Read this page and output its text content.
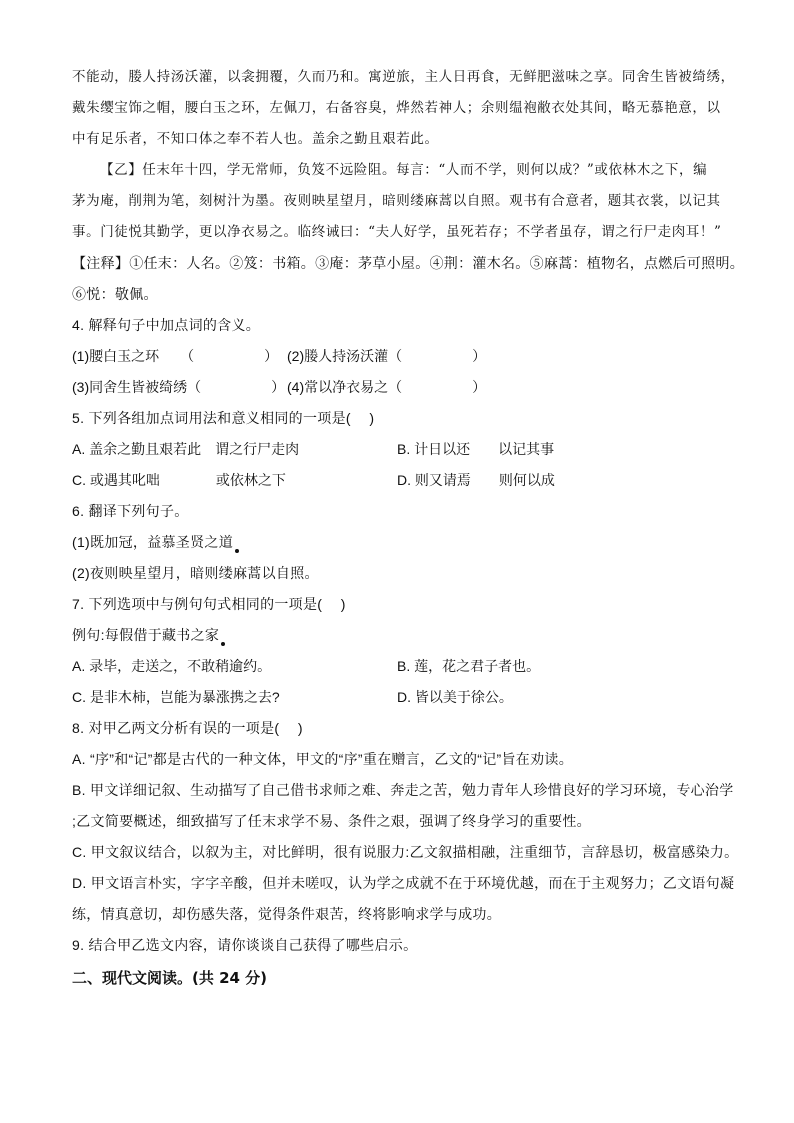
不能动，媵人持汤沃灌，以衾拥覆，久而乃和。寓逆旅，主人日再食，无鲜肥滋味之享。同舍生皆被绮绣，
戴朱缨宝饰之帽，腰白玉之环，左佩刀，右备容臭，烨然若神人；余则缊袍敝衣处其间，略无慕艳意，以
中有足乐者，不知口体之奉不若人也。盖余之勤且艰若此。
【乙】任末年十四，学无常师，负笈不远险阻。每言：“人而不学，则何以成？”或依林木之下，编
茅为庵，削荆为笔，刻树汁为墨。夜则映星望月，暗则缕麻蒿以自照。观书有合意者，题其衣裳，以记其
事。门徒悦其勤学，更以净衣易之。临终诫曰：“夫人好学，虽死若存；不学者虽存，谓之行尸走肉耳！”
【注释】①任末：人名。②笈：书箱。③庵：茅草小屋。④荆：灌木名。⑤麻蒿：植物名，点燃后可照明。
⑥悦：敬佩。
4. 解释句子中加点词的含义。
(1)腰白玉之环　　（　　　　　） (2)媵人持汤沃灌（　　　　　）
(3)同舍生皆被绮绣（　　　　　） (4)常以净衣易之（　　　　　）
5. 下列各组加点词用法和意义相同的一项是(　 )
A. 盖余之勤且艰若此　谓之行尸走肉	B. 计日以还　　以记其事
C. 或遇其叱咄　　　　或依林之下	D. 则又请焉　　则何以成
6. 翻译下列句子。
(1)既加冠，益慕圣贤之道
(2)夜则映星望月，暗则缕麻蒿以自照。
7. 下列选项中与例句句式相同的一项是(　 )
例句:每假借于藏书之家
A. 录毕，走送之，不敢稍逾约。	B. 莲，花之君子者也。
C. 是非木柿，岂能为暴涨携之去?	D. 皆以美于徐公。
8. 对甲乙两文分析有误的一项是(　 )
A. “序”和“记”都是古代的一种文体，甲文的“序”重在赠言，乙文的“记”旨在劝读。
B. 甲文详细记叙、生动描写了自己借书求师之难、奔走之苦，勉力青年人珍惜良好的学习环境，专心治学
;乙文简要概述，细致描写了任末求学不易、条件之艰，强调了终身学习的重要性。
C. 甲文叙议结合，以叙为主，对比鲜明，很有说服力:乙文叙描相融，注重细节，言辞恳切，极富感染力。
D. 甲文语言朴实，字字辛酸，但并未嗟叹，认为学之成就不在于环境优越，而在于主观努力；乙文语句凝
练，情真意切，却伤感失落，觉得条件艰苦，终将影响求学与成功。
9. 结合甲乙选文内容，请你谈谈自己获得了哪些启示。
二、现代文阅读。(共 24 分)
